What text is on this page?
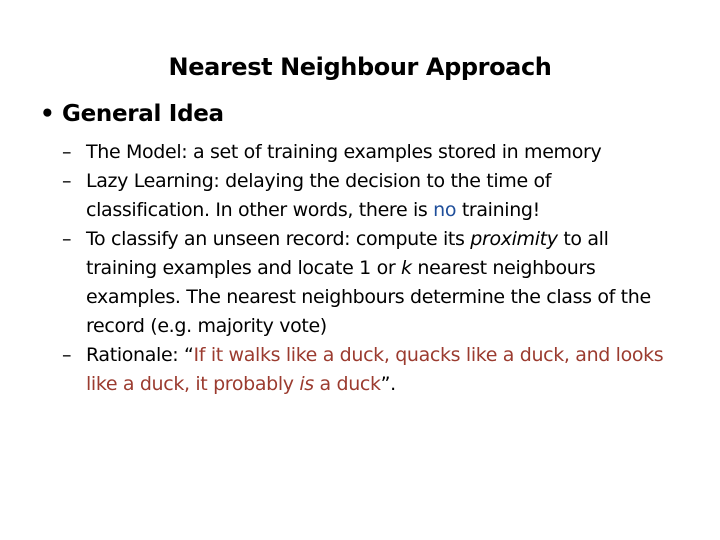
Nearest Neighbour Approach
• General Idea
– The Model: a set of training examples stored in memory
– Lazy Learning: delaying the decision to the time of
classification. In other words, there is no training!
– To classify an unseen record: compute its proximity to all
training examples and locate 1 or k nearest neighbours
examples. The nearest neighbours determine the class of the
record (e.g. majority vote)
– Rationale: “If it walks like a duck, quacks like a duck, and looks
like a duck, it probably is a duck”.
